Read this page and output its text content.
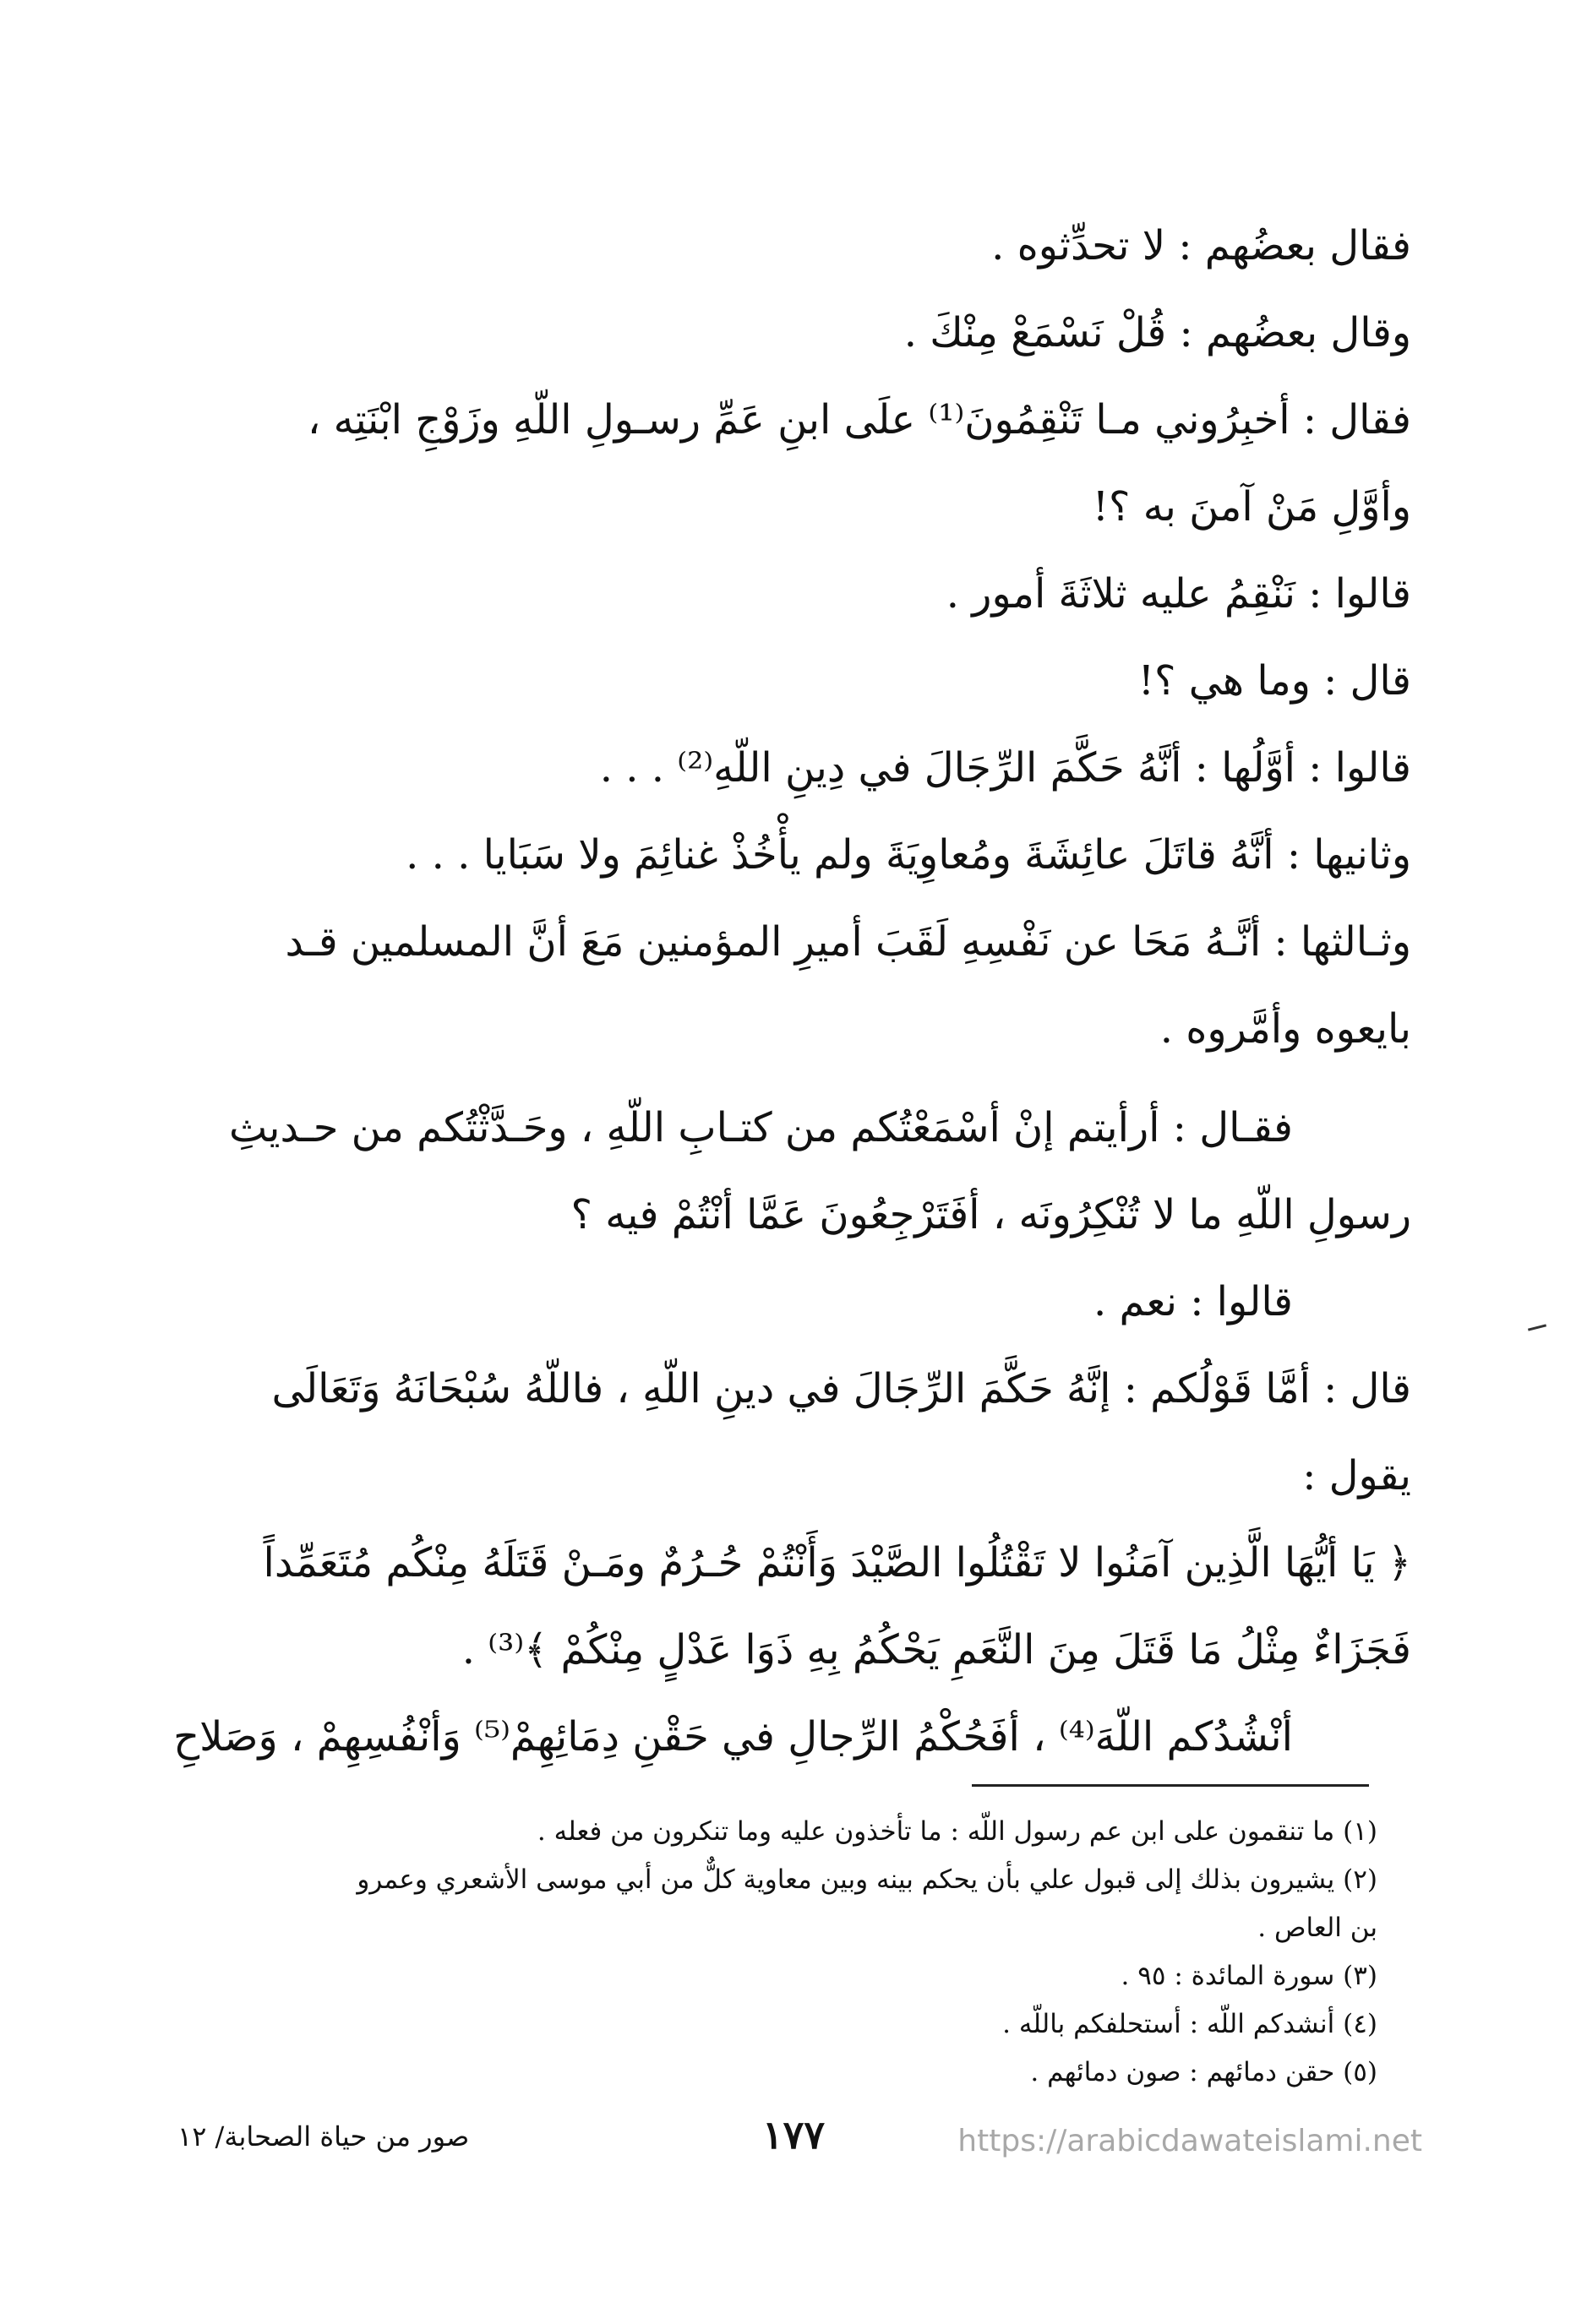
فقال بعضُهم : لا تحدِّثوه .

وقال بعضُهم : قُلْ نَسْمَعْ مِنْكَ .

فقال : أخبِرُوني مـا تَنْقِمُونَ⁽¹⁾ علَى ابنِ عَمِّ رسـولِ اللّهِ وزَوْجِ ابْنَتِه ،

وأوَّلِ مَنْ آمنَ به ؟!

قالوا : نَنْقِمُ عليه ثلاثَةَ أمور .

قال : وما هي ؟!

قالوا : أوَّلُها : أنَّهُ حَكَّمَ الرِّجَالَ في دِينِ اللّهِ⁽²⁾ . . .

وثانيها : أنَّهُ قاتَلَ عائِشَةَ ومُعاوِيَةَ ولم يأْخُذْ غنائِمَ ولا سَبَايا . . .

وثـالثها : أنَّـهُ مَحَا عن نَفْسِهِ لَقَبَ أميرِ المؤمنين مَعَ أنَّ المسلمين قـد

بايعوه وأمَّروه .

فقـال : أرأيتم إنْ أسْمَعْتُكم من كتـابِ اللّهِ ، وحَـدَّثْتُكم من حـديثِ

رسولِ اللّهِ ما لا تُنْكِرُونَه ، أفَتَرْجِعُونَ عَمَّا أنْتُمْ فيه ؟

قالوا : نعم .

قال : أمَّا قَوْلُكم : إنَّهُ حَكَّمَ الرِّجَالَ في دينِ اللّهِ ، فاللّهُ سُبْحَانَهُ وَتَعَالَى

يقول :

﴿ يَا أيُّهَا الَّذِين آمَنُوا لا تَقْتُلُوا الصَّيْدَ وَأَنْتُمْ حُـرُمٌ ومَـنْ قَتَلَهُ مِنْكُم مُتَعَمِّداً

فَجَزَاءٌ مِثْلُ مَا قَتَلَ مِنَ النَّعَمِ يَحْكُمُ بِهِ ذَوَا عَدْلٍ مِنْكُمْ ﴾⁽³⁾ .

أنْشُدُكم اللّهَ⁽⁴⁾ ، أفَحُكْمُ الرِّجالِ في حَقْنِ دِمَائِهِمْ⁽⁵⁾ وَأنْفُسِهِمْ ، وَصَلاحِ

(١) ما تنقمون على ابن عم رسول اللّه : ما تأخذون عليه وما تنكرون من فعله .

(٢) يشيرون بذلك إلى قبول علي بأن يحكم بينه وبين معاوية كلٌّ من أبي موسى الأشعري وعمرو بن العاص .

(٣) سورة المائدة : ٩٥ .

(٤) أنشدكم اللّه : أستحلفكم باللّه .

(٥) حقن دمائهم : صون دمائهم .

صور من حياة الصحابة/ ١٢	١٧٧	https://arabicdawateislami.net
